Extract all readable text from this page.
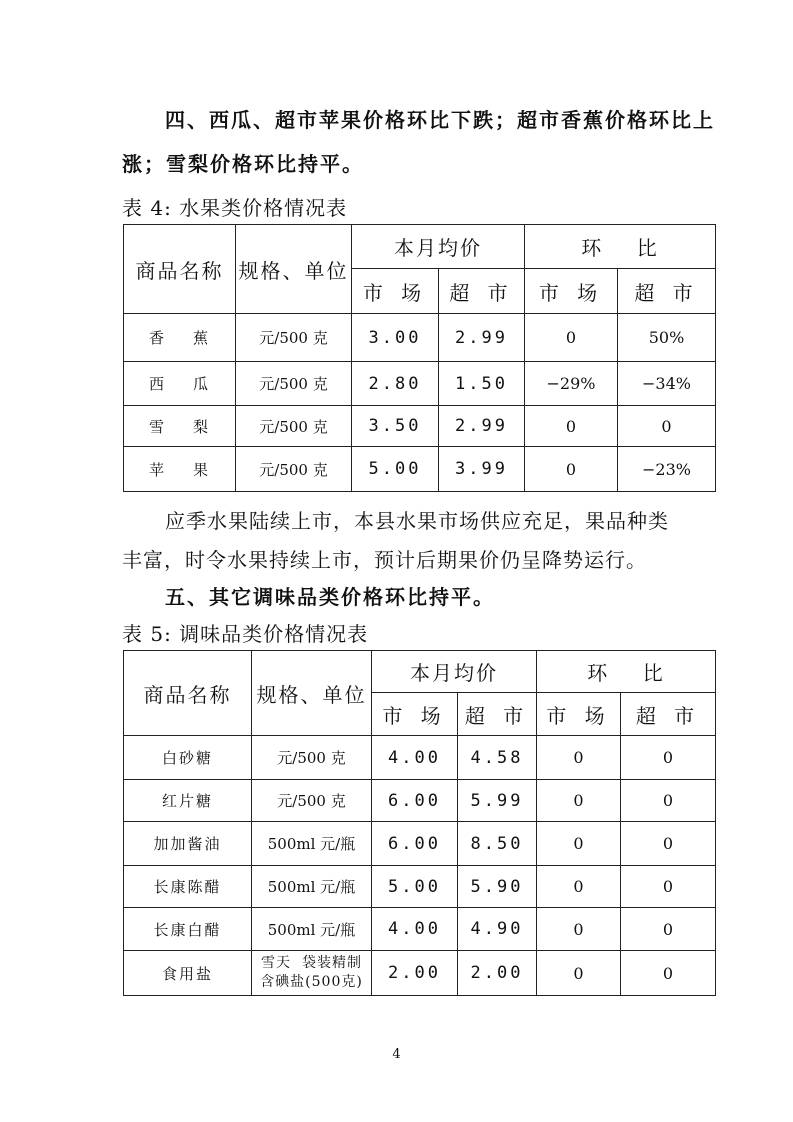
四、西瓜、超市苹果价格环比下跌；超市香蕉价格环比上
涨；雪梨价格环比持平。
表 4: 水果类价格情况表
商品名称	规格、单位	本月均价		环    比	
		市 场	超 市	市 场	超 市
香    蕉	元/500 克	3.00	2.99	0	50%
西    瓜	元/500 克	2.80	1.50	−29%	−34%
雪    梨	元/500 克	3.50	2.99	0	0
苹    果	元/500 克	5.00	3.99	0	−23%
应季水果陆续上市，本县水果市场供应充足，果品种类
丰富，时令水果持续上市，预计后期果价仍呈降势运行。
五、其它调味品类价格环比持平。
表 5: 调味品类价格情况表
商品名称	规格、单位	本月均价		环    比	
		市 场	超 市	市 场	超 市
白砂糖	元/500 克	4.00	4.58	0	0
红片糖	元/500 克	6.00	5.99	0	0
加加酱油	500ml 元/瓶	6.00	8.50	0	0
长康陈醋	500ml 元/瓶	5.00	5.90	0	0
长康白醋	500ml 元/瓶	4.00	4.90	0	0
食用盐	雪天  袋装精制
含碘盐(500克)	2.00	2.00	0	0
4
